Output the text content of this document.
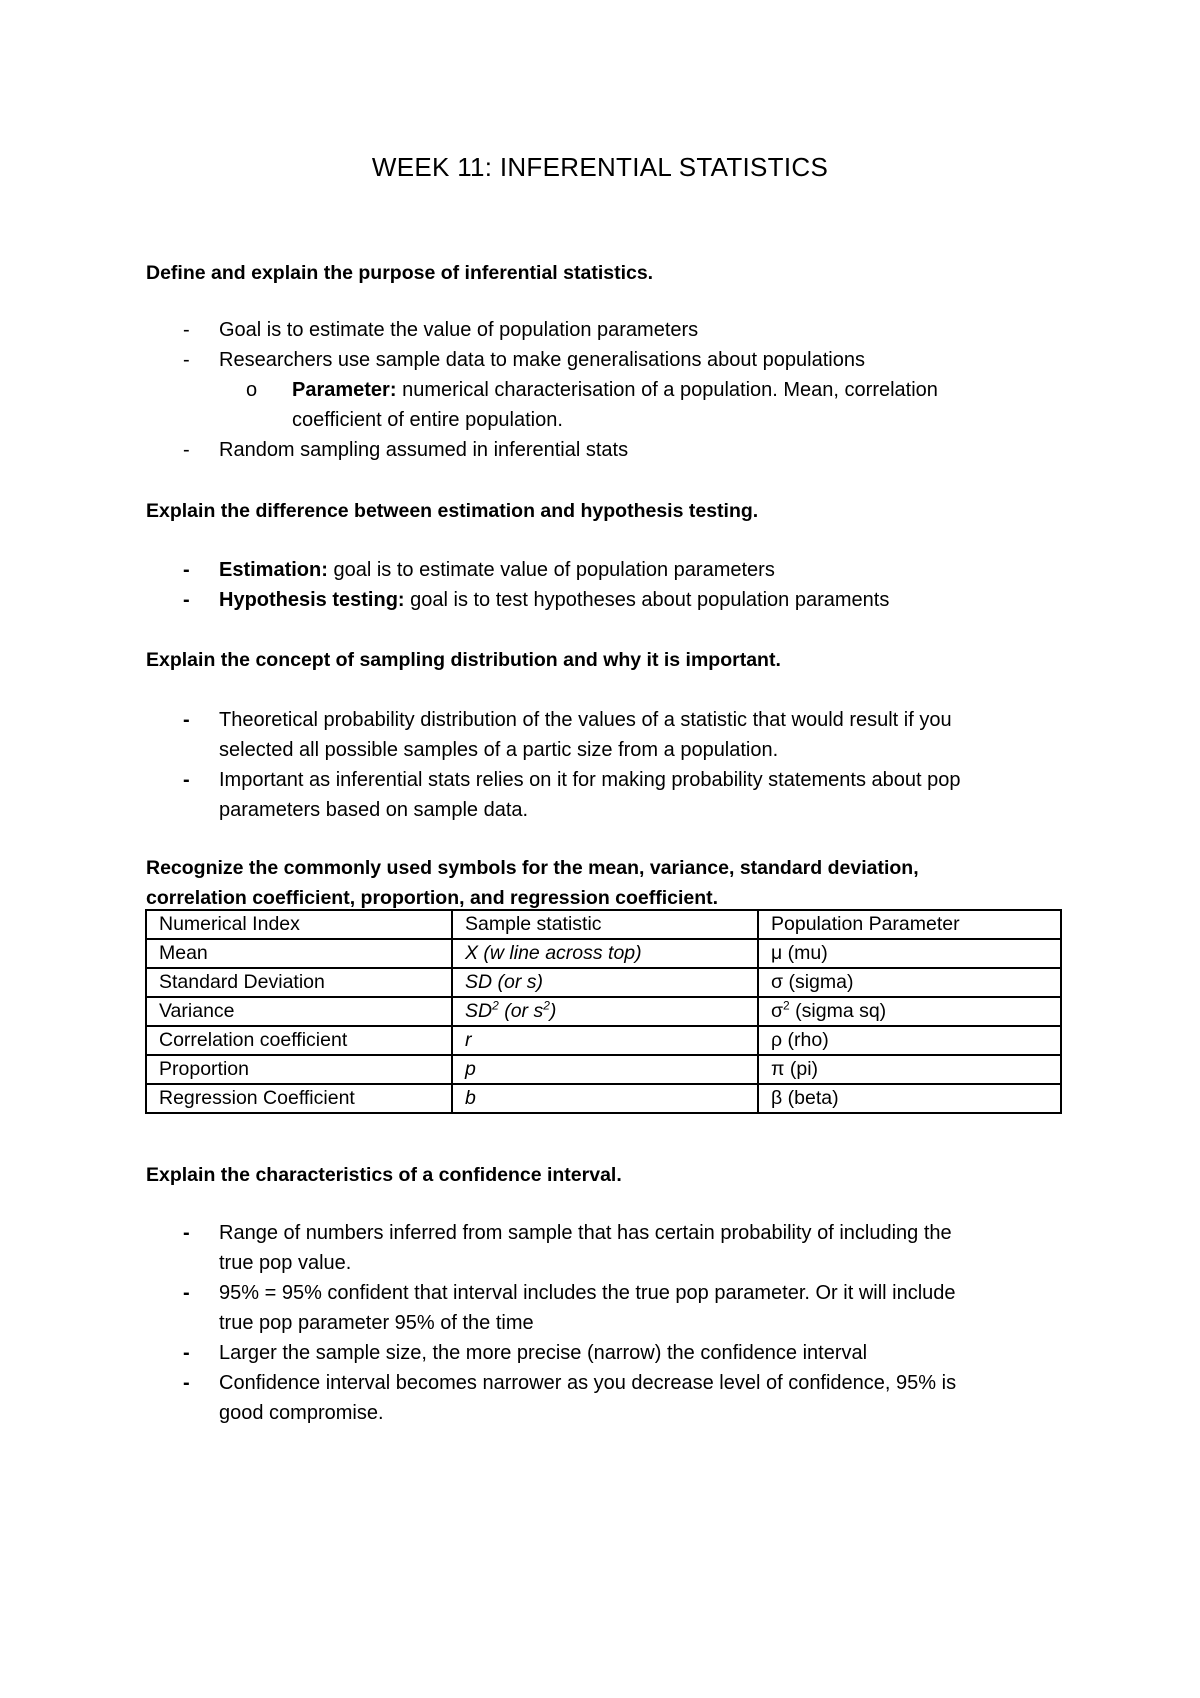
WEEK 11: INFERENTIAL STATISTICS
Define and explain the purpose of inferential statistics.
- Goal is to estimate the value of population parameters
- Researchers use sample data to make generalisations about populations
o Parameter: numerical characterisation of a population. Mean, correlation
coefficient of entire population.
- Random sampling assumed in inferential stats
Explain the difference between estimation and hypothesis testing.
- Estimation: goal is to estimate value of population parameters
- Hypothesis testing: goal is to test hypotheses about population paraments
Explain the concept of sampling distribution and why it is important.
- Theoretical probability distribution of the values of a statistic that would result if you
selected all possible samples of a partic size from a population.
- Important as inferential stats relies on it for making probability statements about pop
parameters based on sample data.
Recognize the commonly used symbols for the mean, variance, standard deviation,
correlation coefficient, proportion, and regression coefficient.
Numerical Index	Sample statistic	Population Parameter
Mean	X (w line across top)	μ (mu)
Standard Deviation	SD (or s)	σ (sigma)
Variance	$SD^2$ (or $s^2$)	$\sigma^2$ (sigma sq)
Correlation coefficient	r	ρ (rho)
Proportion	p	π (pi)
Regression Coefficient	b	β (beta)
Explain the characteristics of a confidence interval.
- Range of numbers inferred from sample that has certain probability of including the
true pop value.
- 95% = 95% confident that interval includes the true pop parameter. Or it will include
true pop parameter 95% of the time
- Larger the sample size, the more precise (narrow) the confidence interval
- Confidence interval becomes narrower as you decrease level of confidence, 95% is
good compromise.
